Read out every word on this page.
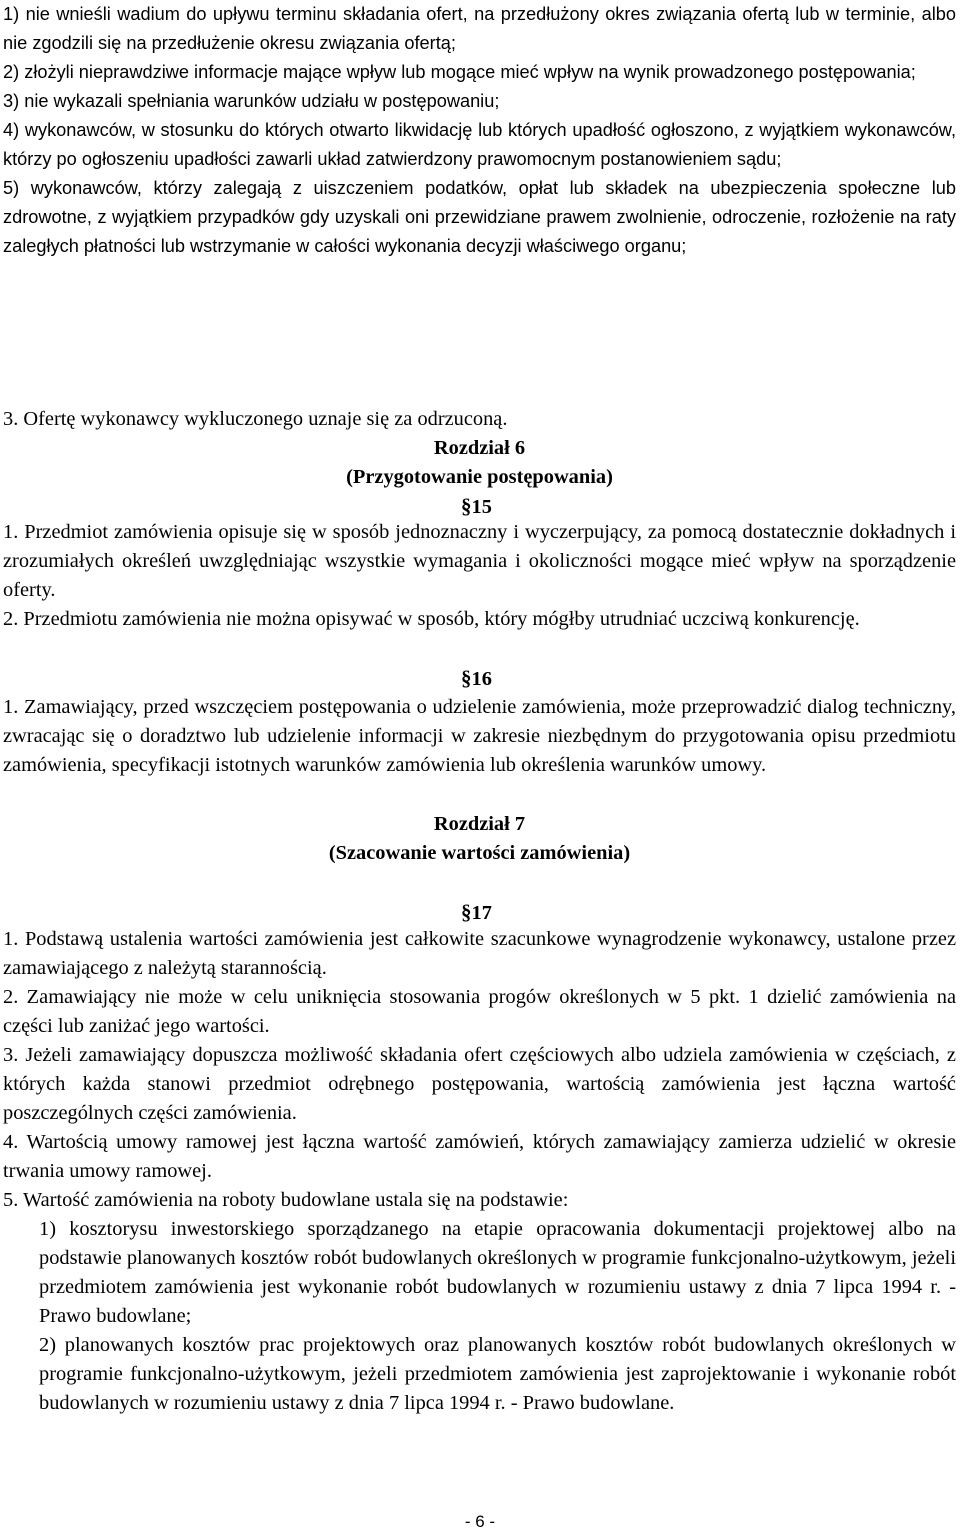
1) nie wnieśli wadium do upływu terminu składania ofert, na przedłużony okres związania ofertą lub w terminie, albo nie zgodzili się na przedłużenie okresu związania ofertą;

2) złożyli nieprawdziwe informacje mające wpływ lub mogące mieć wpływ na wynik prowadzonego postępowania;

3) nie wykazali spełniania warunków udziału w postępowaniu;

4) wykonawców, w stosunku do których otwarto likwidację lub których upadłość ogłoszono, z wyjątkiem wykonawców, którzy po ogłoszeniu upadłości zawarli układ zatwierdzony prawomocnym postanowieniem sądu;

5) wykonawców, którzy zalegają z uiszczeniem podatków, opłat lub składek na ubezpieczenia społeczne lub zdrowotne, z wyjątkiem przypadków gdy uzyskali oni przewidziane prawem zwolnienie, odroczenie, rozłożenie na raty zaległych płatności lub wstrzymanie w całości wykonania decyzji właściwego organu;

3. Ofertę wykonawcy wykluczonego uznaje się za odrzuconą.

Rozdział 6

(Przygotowanie postępowania)

§15

1. Przedmiot zamówienia opisuje się w sposób jednoznaczny i wyczerpujący, za pomocą dostatecznie dokładnych i zrozumiałych określeń uwzględniając wszystkie wymagania i okoliczności mogące mieć wpływ na sporządzenie oferty.

2. Przedmiotu zamówienia nie można opisywać w sposób, który mógłby utrudniać uczciwą konkurencję.

§16

1. Zamawiający, przed wszczęciem postępowania o udzielenie zamówienia, może przeprowadzić dialog techniczny, zwracając się o doradztwo lub udzielenie informacji w zakresie niezbędnym do przygotowania opisu przedmiotu zamówienia, specyfikacji istotnych warunków zamówienia lub określenia warunków umowy.

Rozdział 7

(Szacowanie wartości zamówienia)

§17

1. Podstawą ustalenia wartości zamówienia jest całkowite szacunkowe wynagrodzenie wykonawcy, ustalone przez zamawiającego z należytą starannością.

2. Zamawiający nie może w celu uniknięcia stosowania progów określonych w 5 pkt. 1 dzielić zamówienia na części lub zaniżać jego wartości.

3. Jeżeli zamawiający dopuszcza możliwość składania ofert częściowych albo udziela zamówienia w częściach, z których każda stanowi przedmiot odrębnego postępowania, wartością zamówienia jest łączna wartość poszczególnych części zamówienia.

4. Wartością umowy ramowej jest łączna wartość zamówień, których zamawiający zamierza udzielić w okresie trwania umowy ramowej.

5. Wartość zamówienia na roboty budowlane ustala się na podstawie:

1) kosztorysu inwestorskiego sporządzanego na etapie opracowania dokumentacji projektowej albo na podstawie planowanych kosztów robót budowlanych określonych w programie funkcjonalno-użytkowym, jeżeli przedmiotem zamówienia jest wykonanie robót budowlanych w rozumieniu ustawy z dnia 7 lipca 1994 r. - Prawo budowlane;

2) planowanych kosztów prac projektowych oraz planowanych kosztów robót budowlanych określonych w programie funkcjonalno-użytkowym, jeżeli przedmiotem zamówienia jest zaprojektowanie i wykonanie robót budowlanych w rozumieniu ustawy z dnia 7 lipca 1994 r. - Prawo budowlane.

- 6 -
